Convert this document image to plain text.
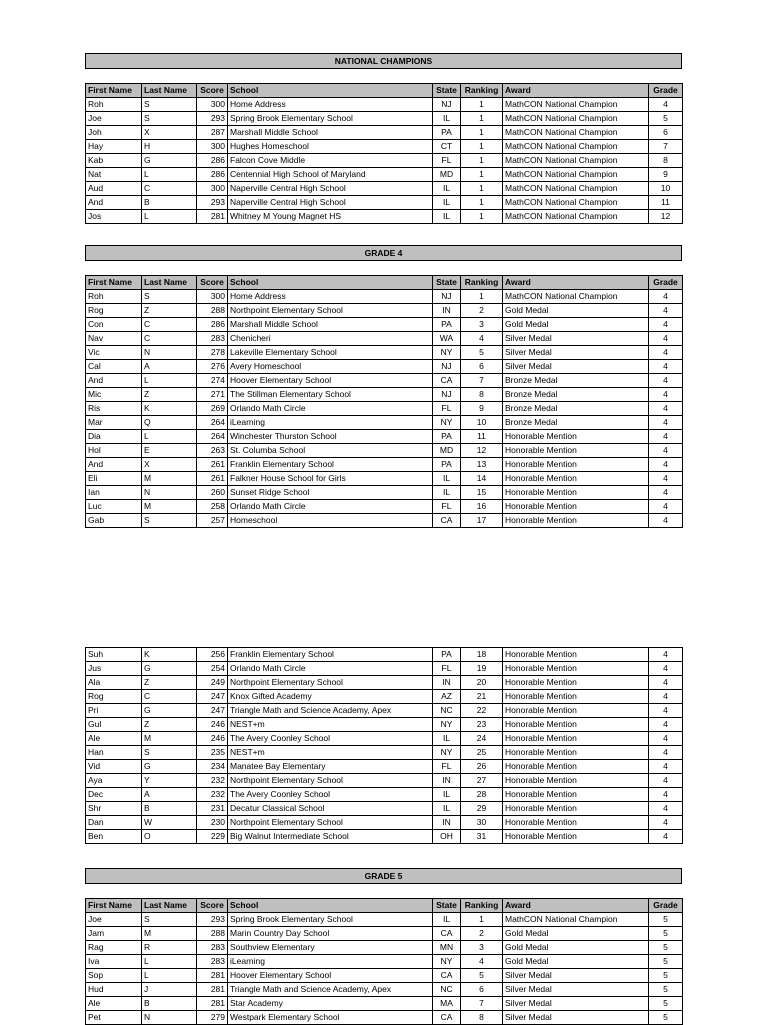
NATIONAL CHAMPIONS
First Name	Last Name	Score	School	State	Ranking	Award	Grade
Roh	S	300	Home Address	NJ	1	MathCON National Champion	4
Joe	S	293	Spring Brook Elementary School	IL	1	MathCON National Champion	5
Joh	X	287	Marshall Middle School	PA	1	MathCON National Champion	6
Hay	H	300	Hughes Homeschool	CT	1	MathCON National Champion	7
Kab	G	286	Falcon Cove Middle	FL	1	MathCON National Champion	8
Nat	L	286	Centennial High School of Maryland	MD	1	MathCON National Champion	9
Aud	C	300	Naperville Central High School	IL	1	MathCON National Champion	10
And	B	293	Naperville Central High School	IL	1	MathCON National Champion	11
Jos	L	281	Whitney M Young Magnet HS	IL	1	MathCON National Champion	12
GRADE 4
First Name	Last Name	Score	School	State	Ranking	Award	Grade
Roh	S	300	Home Address	NJ	1	MathCON National Champion	4
Rog	Z	288	Northpoint Elementary School	IN	2	Gold Medal	4
Con	C	286	Marshall Middle School	PA	3	Gold Medal	4
Nav	C	283	Chenicheri	WA	4	Silver Medal	4
Vic	N	278	Lakeville Elementary School	NY	5	Silver Medal	4
Cal	A	276	Avery Homeschool	NJ	6	Silver Medal	4
And	L	274	Hoover Elementary School	CA	7	Bronze Medal	4
Mic	Z	271	The Stillman Elementary School	NJ	8	Bronze Medal	4
Ris	K	269	Orlando Math Circle	FL	9	Bronze Medal	4
Mar	Q	264	iLearning	NY	10	Bronze Medal	4
Dia	L	264	Winchester Thurston School	PA	11	Honorable Mention	4
Hol	E	263	St. Columba School	MD	12	Honorable Mention	4
And	X	261	Franklin Elementary School	PA	13	Honorable Mention	4
Eli	M	261	Falkner House School for Girls	IL	14	Honorable Mention	4
Ian	N	260	Sunset Ridge School	IL	15	Honorable Mention	4
Luc	M	258	Orlando Math Circle	FL	16	Honorable Mention	4
Gab	S	257	Homeschool	CA	17	Honorable Mention	4
Suh	K	256	Franklin Elementary School	PA	18	Honorable Mention	4
Jus	G	254	Orlando Math Circle	FL	19	Honorable Mention	4
Ala	Z	249	Northpoint Elementary School	IN	20	Honorable Mention	4
Rog	C	247	Knox Gifted Academy	AZ	21	Honorable Mention	4
Pri	G	247	Triangle Math and Science Academy, Apex	NC	22	Honorable Mention	4
Gul	Z	246	NEST+m	NY	23	Honorable Mention	4
Ale	M	246	The Avery Coonley School	IL	24	Honorable Mention	4
Han	S	235	NEST+m	NY	25	Honorable Mention	4
Vid	G	234	Manatee Bay Elementary	FL	26	Honorable Mention	4
Aya	Y	232	Northpoint Elementary School	IN	27	Honorable Mention	4
Dec	A	232	The Avery Coonley School	IL	28	Honorable Mention	4
Shr	B	231	Decatur Classical School	IL	29	Honorable Mention	4
Dan	W	230	Northpoint Elementary School	IN	30	Honorable Mention	4
Ben	O	229	Big Walnut Intermediate School	OH	31	Honorable Mention	4
GRADE 5
First Name	Last Name	Score	School	State	Ranking	Award	Grade
Joe	S	293	Spring Brook Elementary School	IL	1	MathCON National Champion	5
Jam	M	288	Marin Country Day School	CA	2	Gold Medal	5
Rag	R	283	Southview Elementary	MN	3	Gold Medal	5
Iva	L	283	iLearning	NY	4	Gold Medal	5
Sop	L	281	Hoover Elementary School	CA	5	Silver Medal	5
Hud	J	281	Triangle Math and Science Academy, Apex	NC	6	Silver Medal	5
Ale	B	281	Star Academy	MA	7	Silver Medal	5
Pet	N	279	Westpark Elementary School	CA	8	Silver Medal	5
